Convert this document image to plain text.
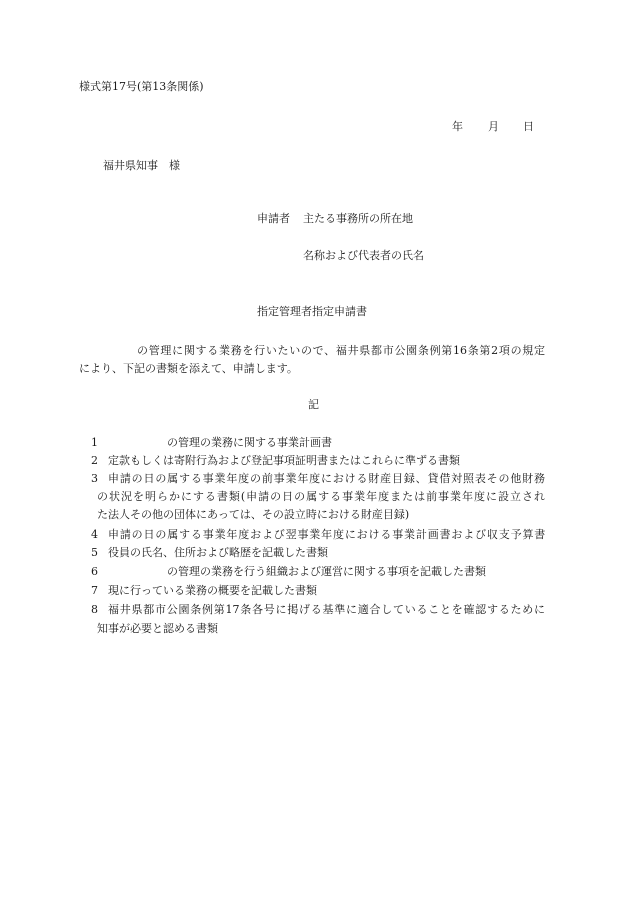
様式第17号(第13条関係)
年 月 日
福井県知事　様
申請者 主たる事務所の所在地
名称および代表者の氏名
指定管理者指定申請書
の管理に関する業務を行いたいので、福井県都市公園条例第16条第2項の規定
により、下記の書類を添えて、申請します。
記
1	の管理の業務に関する事業計画書
2 定款もしくは寄附行為および登記事項証明書またはこれらに準ずる書類
3 申請の日の属する事業年度の前事業年度における財産目録、貸借対照表その他財務
の状況を明らかにする書類(申請の日の属する事業年度または前事業年度に設立され
た法人その他の団体にあっては、その設立時における財産目録)
4 申請の日の属する事業年度および翌事業年度における事業計画書および収支予算書
5 役員の氏名、住所および略歴を記載した書類
6	の管理の業務を行う組織および運営に関する事項を記載した書類
7 現に行っている業務の概要を記載した書類
8 福井県都市公園条例第17条各号に掲げる基準に適合していることを確認するために
知事が必要と認める書類
